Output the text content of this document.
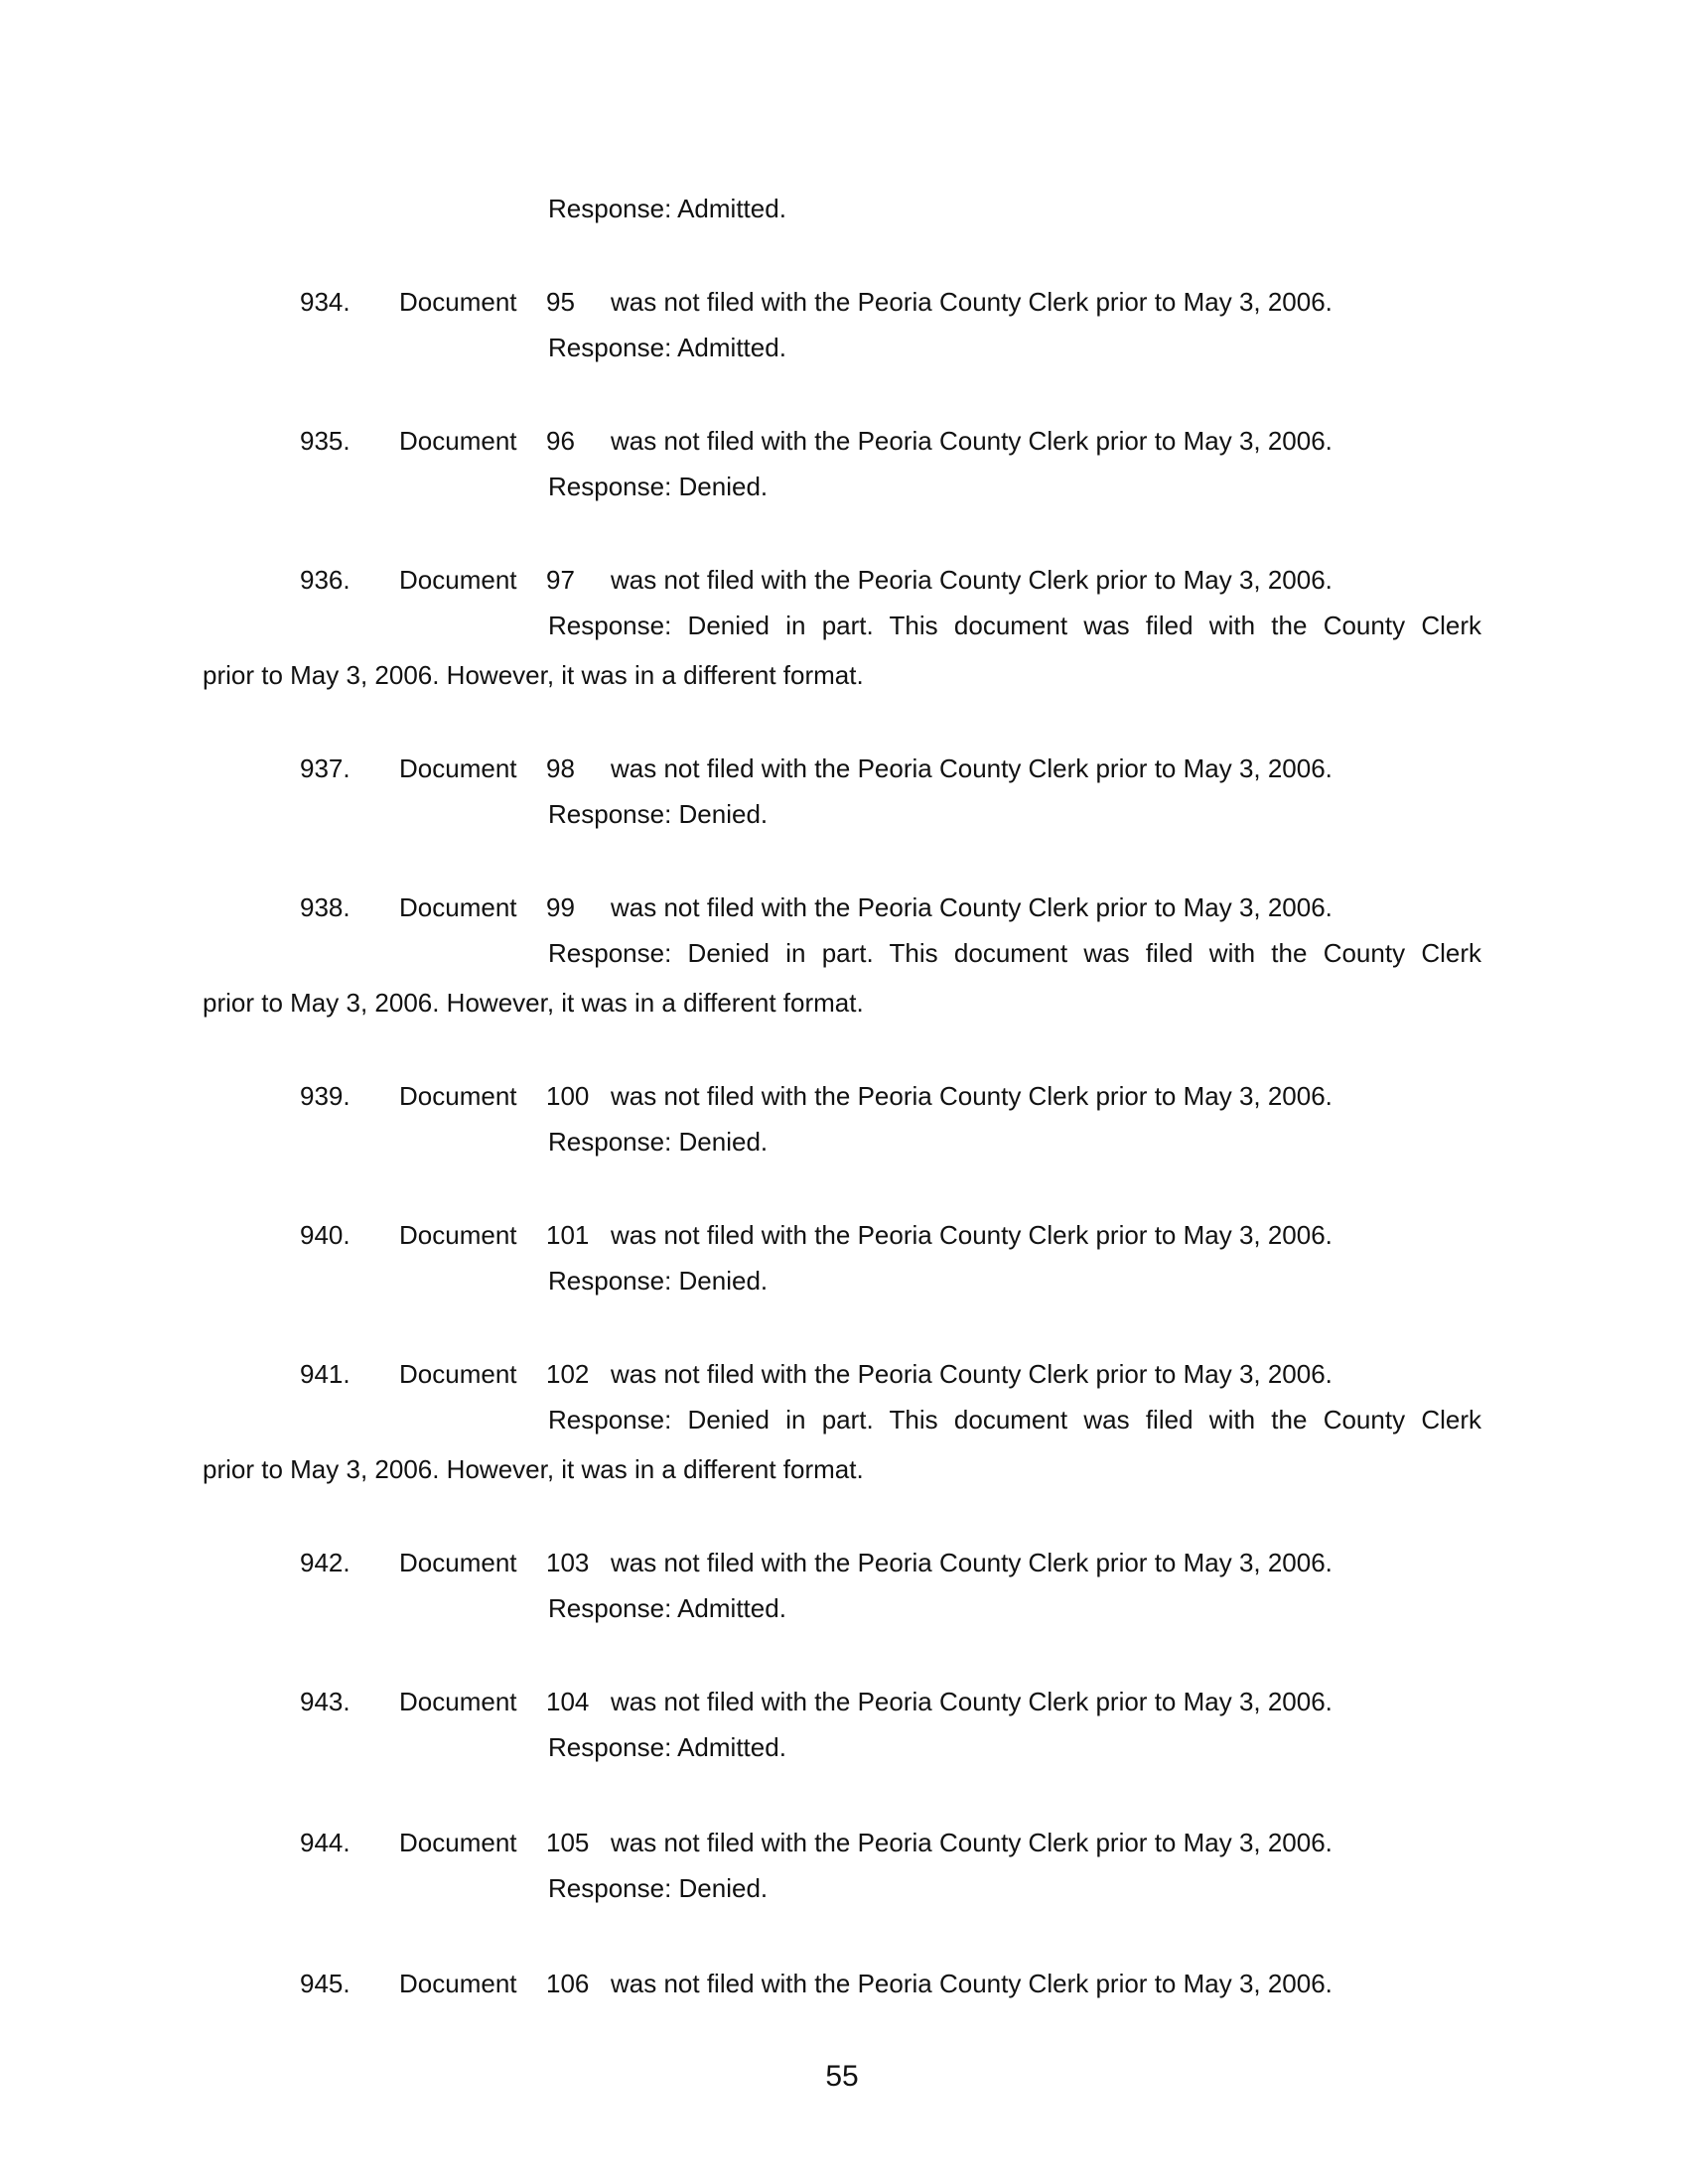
Response: Admitted.
934. Document 95 was not filed with the Peoria County Clerk prior to May 3, 2006.
Response: Admitted.
935. Document 96 was not filed with the Peoria County Clerk prior to May 3, 2006.
Response: Denied.
936. Document 97 was not filed with the Peoria County Clerk prior to May 3, 2006.
Response: Denied in part. This document was filed with the County Clerk
prior to May 3, 2006. However, it was in a different format.
937. Document 98 was not filed with the Peoria County Clerk prior to May 3, 2006.
Response: Denied.
938. Document 99 was not filed with the Peoria County Clerk prior to May 3, 2006.
Response: Denied in part. This document was filed with the County Clerk
prior to May 3, 2006. However, it was in a different format.
939. Document 100 was not filed with the Peoria County Clerk prior to May 3, 2006.
Response: Denied.
940. Document 101 was not filed with the Peoria County Clerk prior to May 3, 2006.
Response: Denied.
941. Document 102 was not filed with the Peoria County Clerk prior to May 3, 2006.
Response: Denied in part. This document was filed with the County Clerk
prior to May 3, 2006. However, it was in a different format.
942. Document 103 was not filed with the Peoria County Clerk prior to May 3, 2006.
Response: Admitted.
943. Document 104 was not filed with the Peoria County Clerk prior to May 3, 2006.
Response: Admitted.
944. Document 105 was not filed with the Peoria County Clerk prior to May 3, 2006.
Response: Denied.
945. Document 106 was not filed with the Peoria County Clerk prior to May 3, 2006.
55
